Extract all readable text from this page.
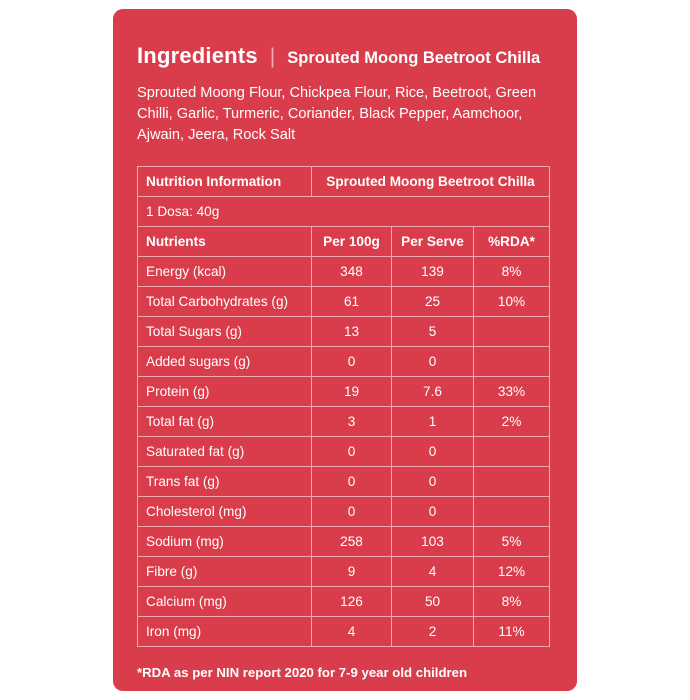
Ingredients | Sprouted Moong Beetroot Chilla
Sprouted Moong Flour, Chickpea Flour, Rice, Beetroot, Green Chilli, Garlic, Turmeric, Coriander, Black Pepper, Aamchoor, Ajwain, Jeera, Rock Salt
Nutrition Information	Sprouted Moong Beetroot Chilla		
1 Dosa: 40g			
Nutrients	Per 100g	Per Serve	%RDA*
Energy (kcal)	348	139	8%
Total Carbohydrates (g)	61	25	10%
Total Sugars (g)	13	5	
Added sugars (g)	0	0	
Protein (g)	19	7.6	33%
Total fat (g)	3	1	2%
Saturated fat (g)	0	0	
Trans fat (g)	0	0	
Cholesterol (mg)	0	0	
Sodium (mg)	258	103	5%
Fibre (g)	9	4	12%
Calcium (mg)	126	50	8%
Iron (mg)	4	2	11%
*RDA as per NIN report 2020 for 7-9 year old children
